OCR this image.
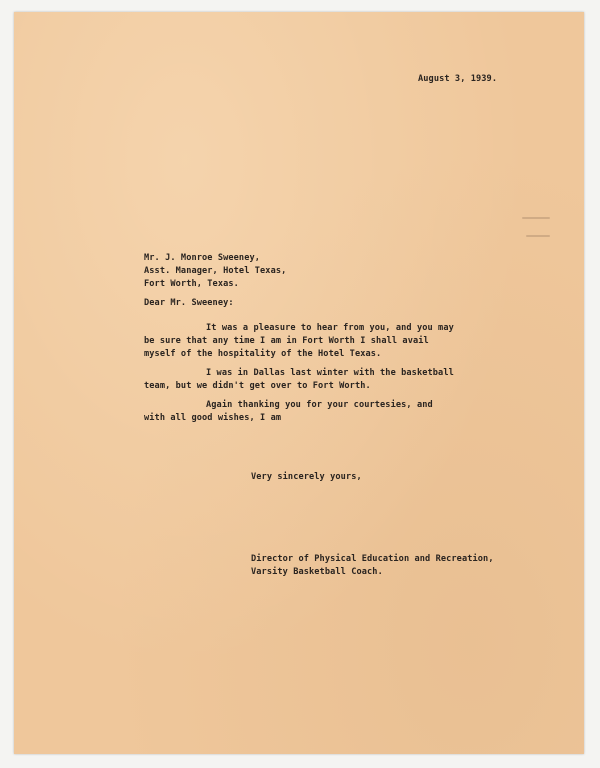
August 3, 1939.
Mr. J. Monroe Sweeney,
Asst. Manager, Hotel Texas,
Fort Worth, Texas.
Dear Mr. Sweeney:
It was a pleasure to hear from you, and you may
be sure that any time I am in Fort Worth I shall avail
myself of the hospitality of the Hotel Texas.
I was in Dallas last winter with the basketball
team, but we didn't get over to Fort Worth.
Again thanking you for your courtesies, and
with all good wishes, I am
Very sincerely yours,
Director of Physical Education and Recreation,
Varsity Basketball Coach.
